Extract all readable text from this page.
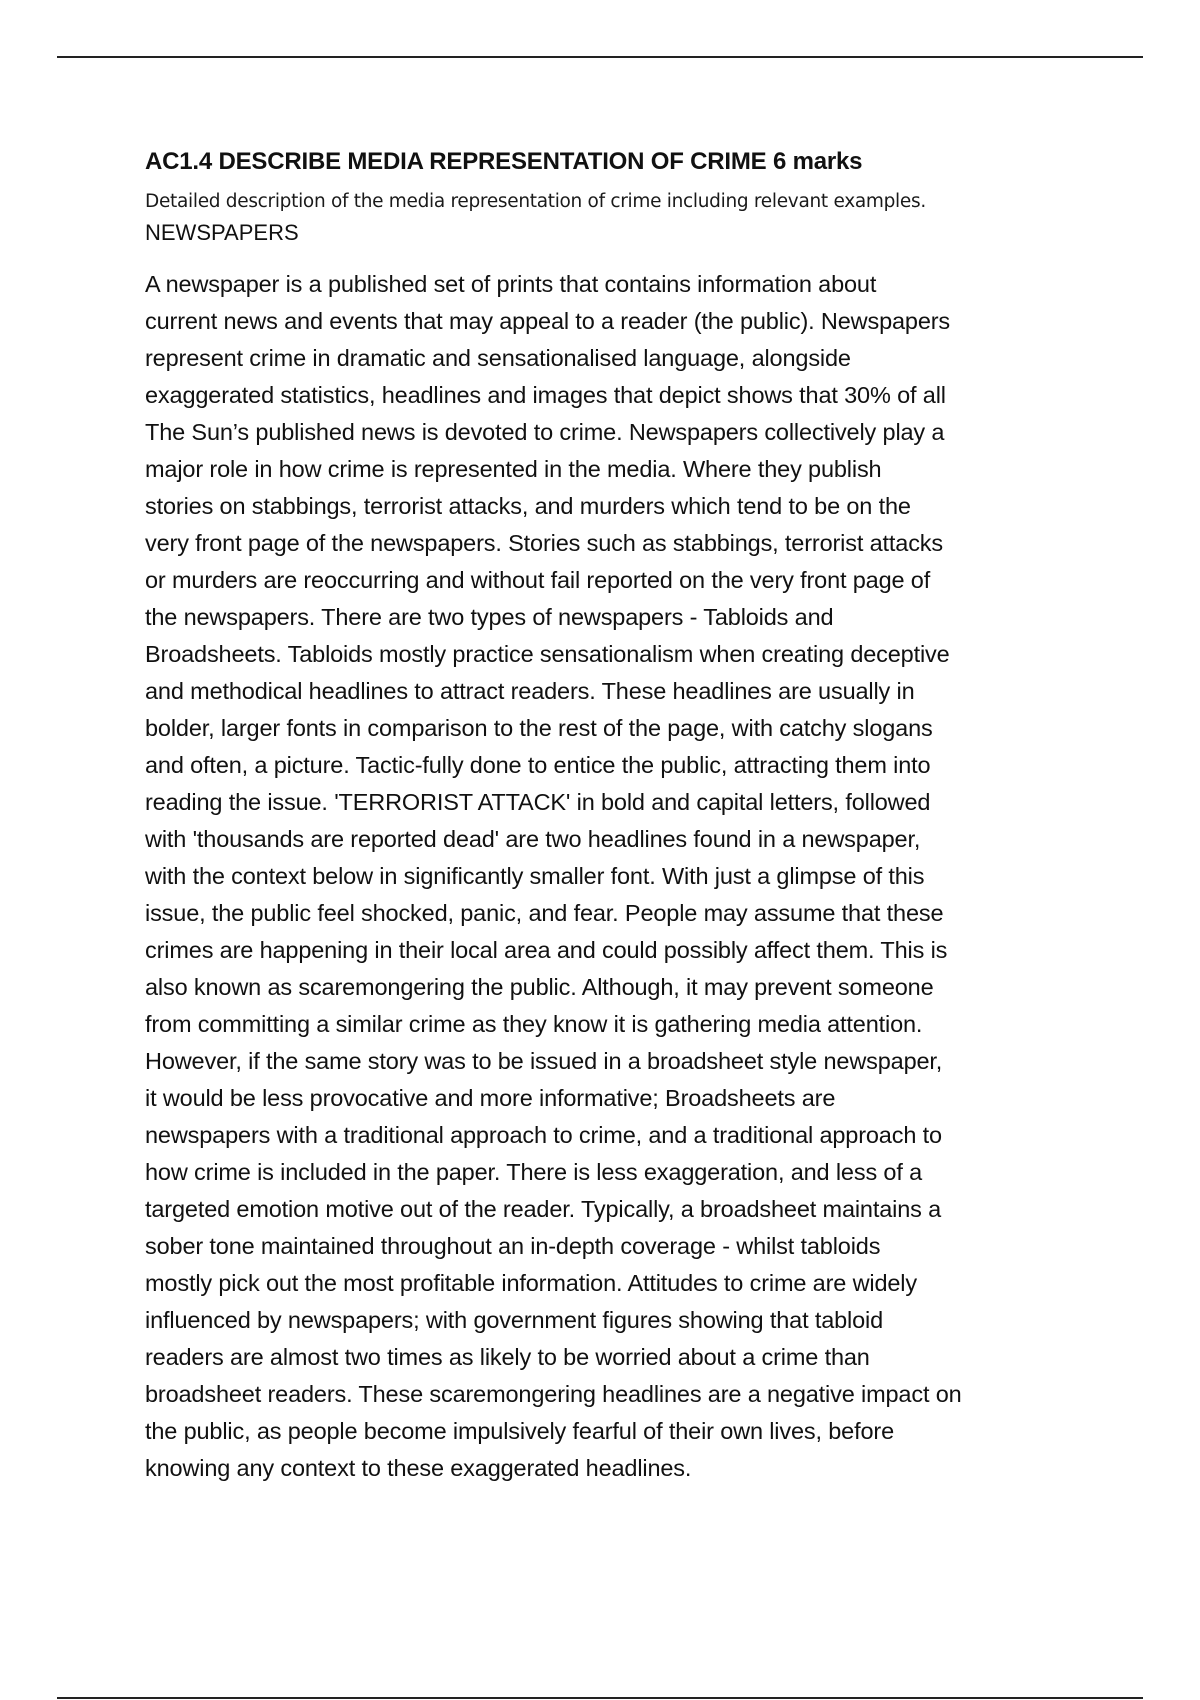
AC1.4 DESCRIBE MEDIA REPRESENTATION OF CRIME 6 marks

Detailed description of the media representation of crime including relevant examples.

NEWSPAPERS

A newspaper is a published set of prints that contains information about
current news and events that may appeal to a reader (the public). Newspapers
represent crime in dramatic and sensationalised language, alongside
exaggerated statistics, headlines and images that depict shows that 30% of all
The Sun’s published news is devoted to crime. Newspapers collectively play a
major role in how crime is represented in the media. Where they publish
stories on stabbings, terrorist attacks, and murders which tend to be on the
very front page of the newspapers. Stories such as stabbings, terrorist attacks
or murders are reoccurring and without fail reported on the very front page of
the newspapers. There are two types of newspapers - Tabloids and
Broadsheets. Tabloids mostly practice sensationalism when creating deceptive
and methodical headlines to attract readers. These headlines are usually in
bolder, larger fonts in comparison to the rest of the page, with catchy slogans
and often, a picture. Tactic-fully done to entice the public, attracting them into
reading the issue. 'TERRORIST ATTACK' in bold and capital letters, followed
with 'thousands are reported dead' are two headlines found in a newspaper,
with the context below in significantly smaller font. With just a glimpse of this
issue, the public feel shocked, panic, and fear. People may assume that these
crimes are happening in their local area and could possibly affect them. This is
also known as scaremongering the public. Although, it may prevent someone
from committing a similar crime as they know it is gathering media attention.
However, if the same story was to be issued in a broadsheet style newspaper,
it would be less provocative and more informative; Broadsheets are
newspapers with a traditional approach to crime, and a traditional approach to
how crime is included in the paper. There is less exaggeration, and less of a
targeted emotion motive out of the reader. Typically, a broadsheet maintains a
sober tone maintained throughout an in-depth coverage - whilst tabloids
mostly pick out the most profitable information. Attitudes to crime are widely
influenced by newspapers; with government figures showing that tabloid
readers are almost two times as likely to be worried about a crime than
broadsheet readers. These scaremongering headlines are a negative impact on
the public, as people become impulsively fearful of their own lives, before
knowing any context to these exaggerated headlines.
